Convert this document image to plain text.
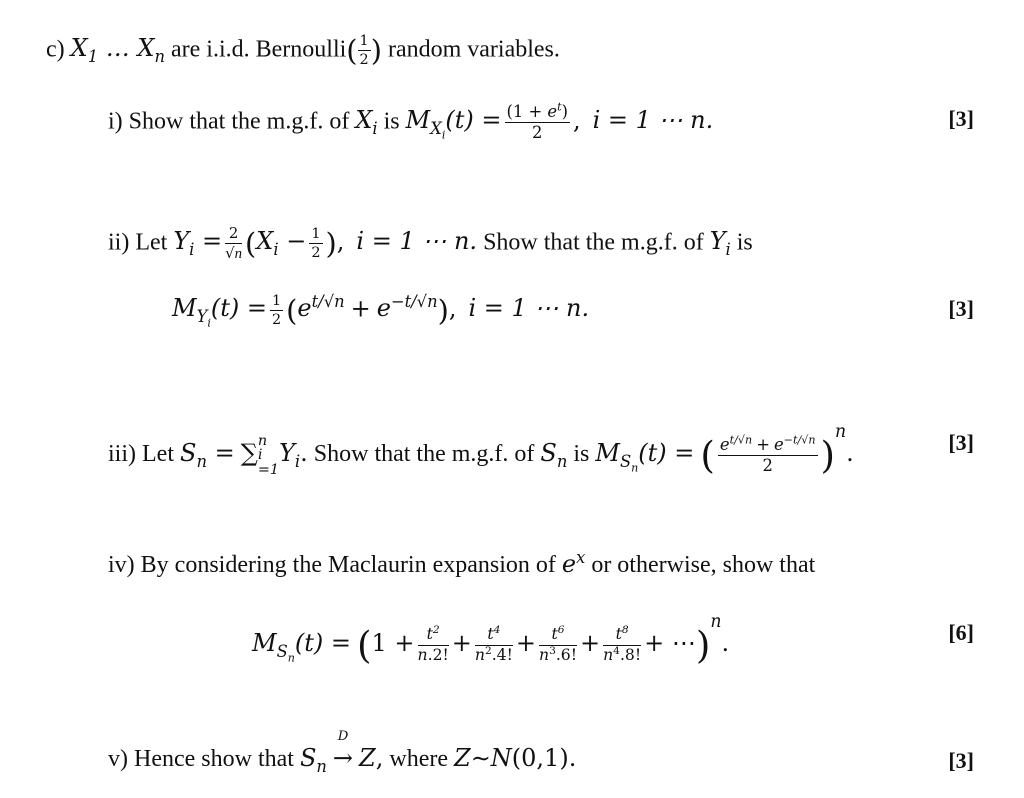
c) $X_1$ … $X_n$ are i.i.d. Bernoulli( $\frac{1}{2}$ ) random variables.
i) Show that the m.g.f. of $X_i$ is $M_{X_i}(t) = \frac{(1 + e^t)}{2}$ , i = 1 ⋯ n.	[3]
ii) Let $Y_i = \frac{2}{√n} (X_i - \frac{1}{2}$ ), i = 1 ⋯ n. Show that the m.g.f. of $Y_i$ is
$M_{Y_i}(t) = \frac{1}{2} (e^{t/√n} + e^{-t/√n})$, i = 1 ⋯ n.	[3]
iii) Let $S_n$ = ∑ n
i
=1
$Y_i$. Show that the m.g.f. of $S_n$ is $M_{S_n}(t)$ = ( $\frac{e^{t/√n} + e^{-t/√n}}{2} )^n$.	[3]
iv) By considering the Maclaurin expansion of $e^x$ or otherwise, show that
$M_{S_n}(t) = (1 + \frac{t^2}{n.2!} + \frac{t^4}{n^2.4!} + \frac{t^6}{n^3.6!} + \frac{t^8}{n^4.8!}$ + ⋯)$^n$.	[6]
v) Hence show that $S_n$
D
→ Z, where Z∼N(0,1).	[3]
